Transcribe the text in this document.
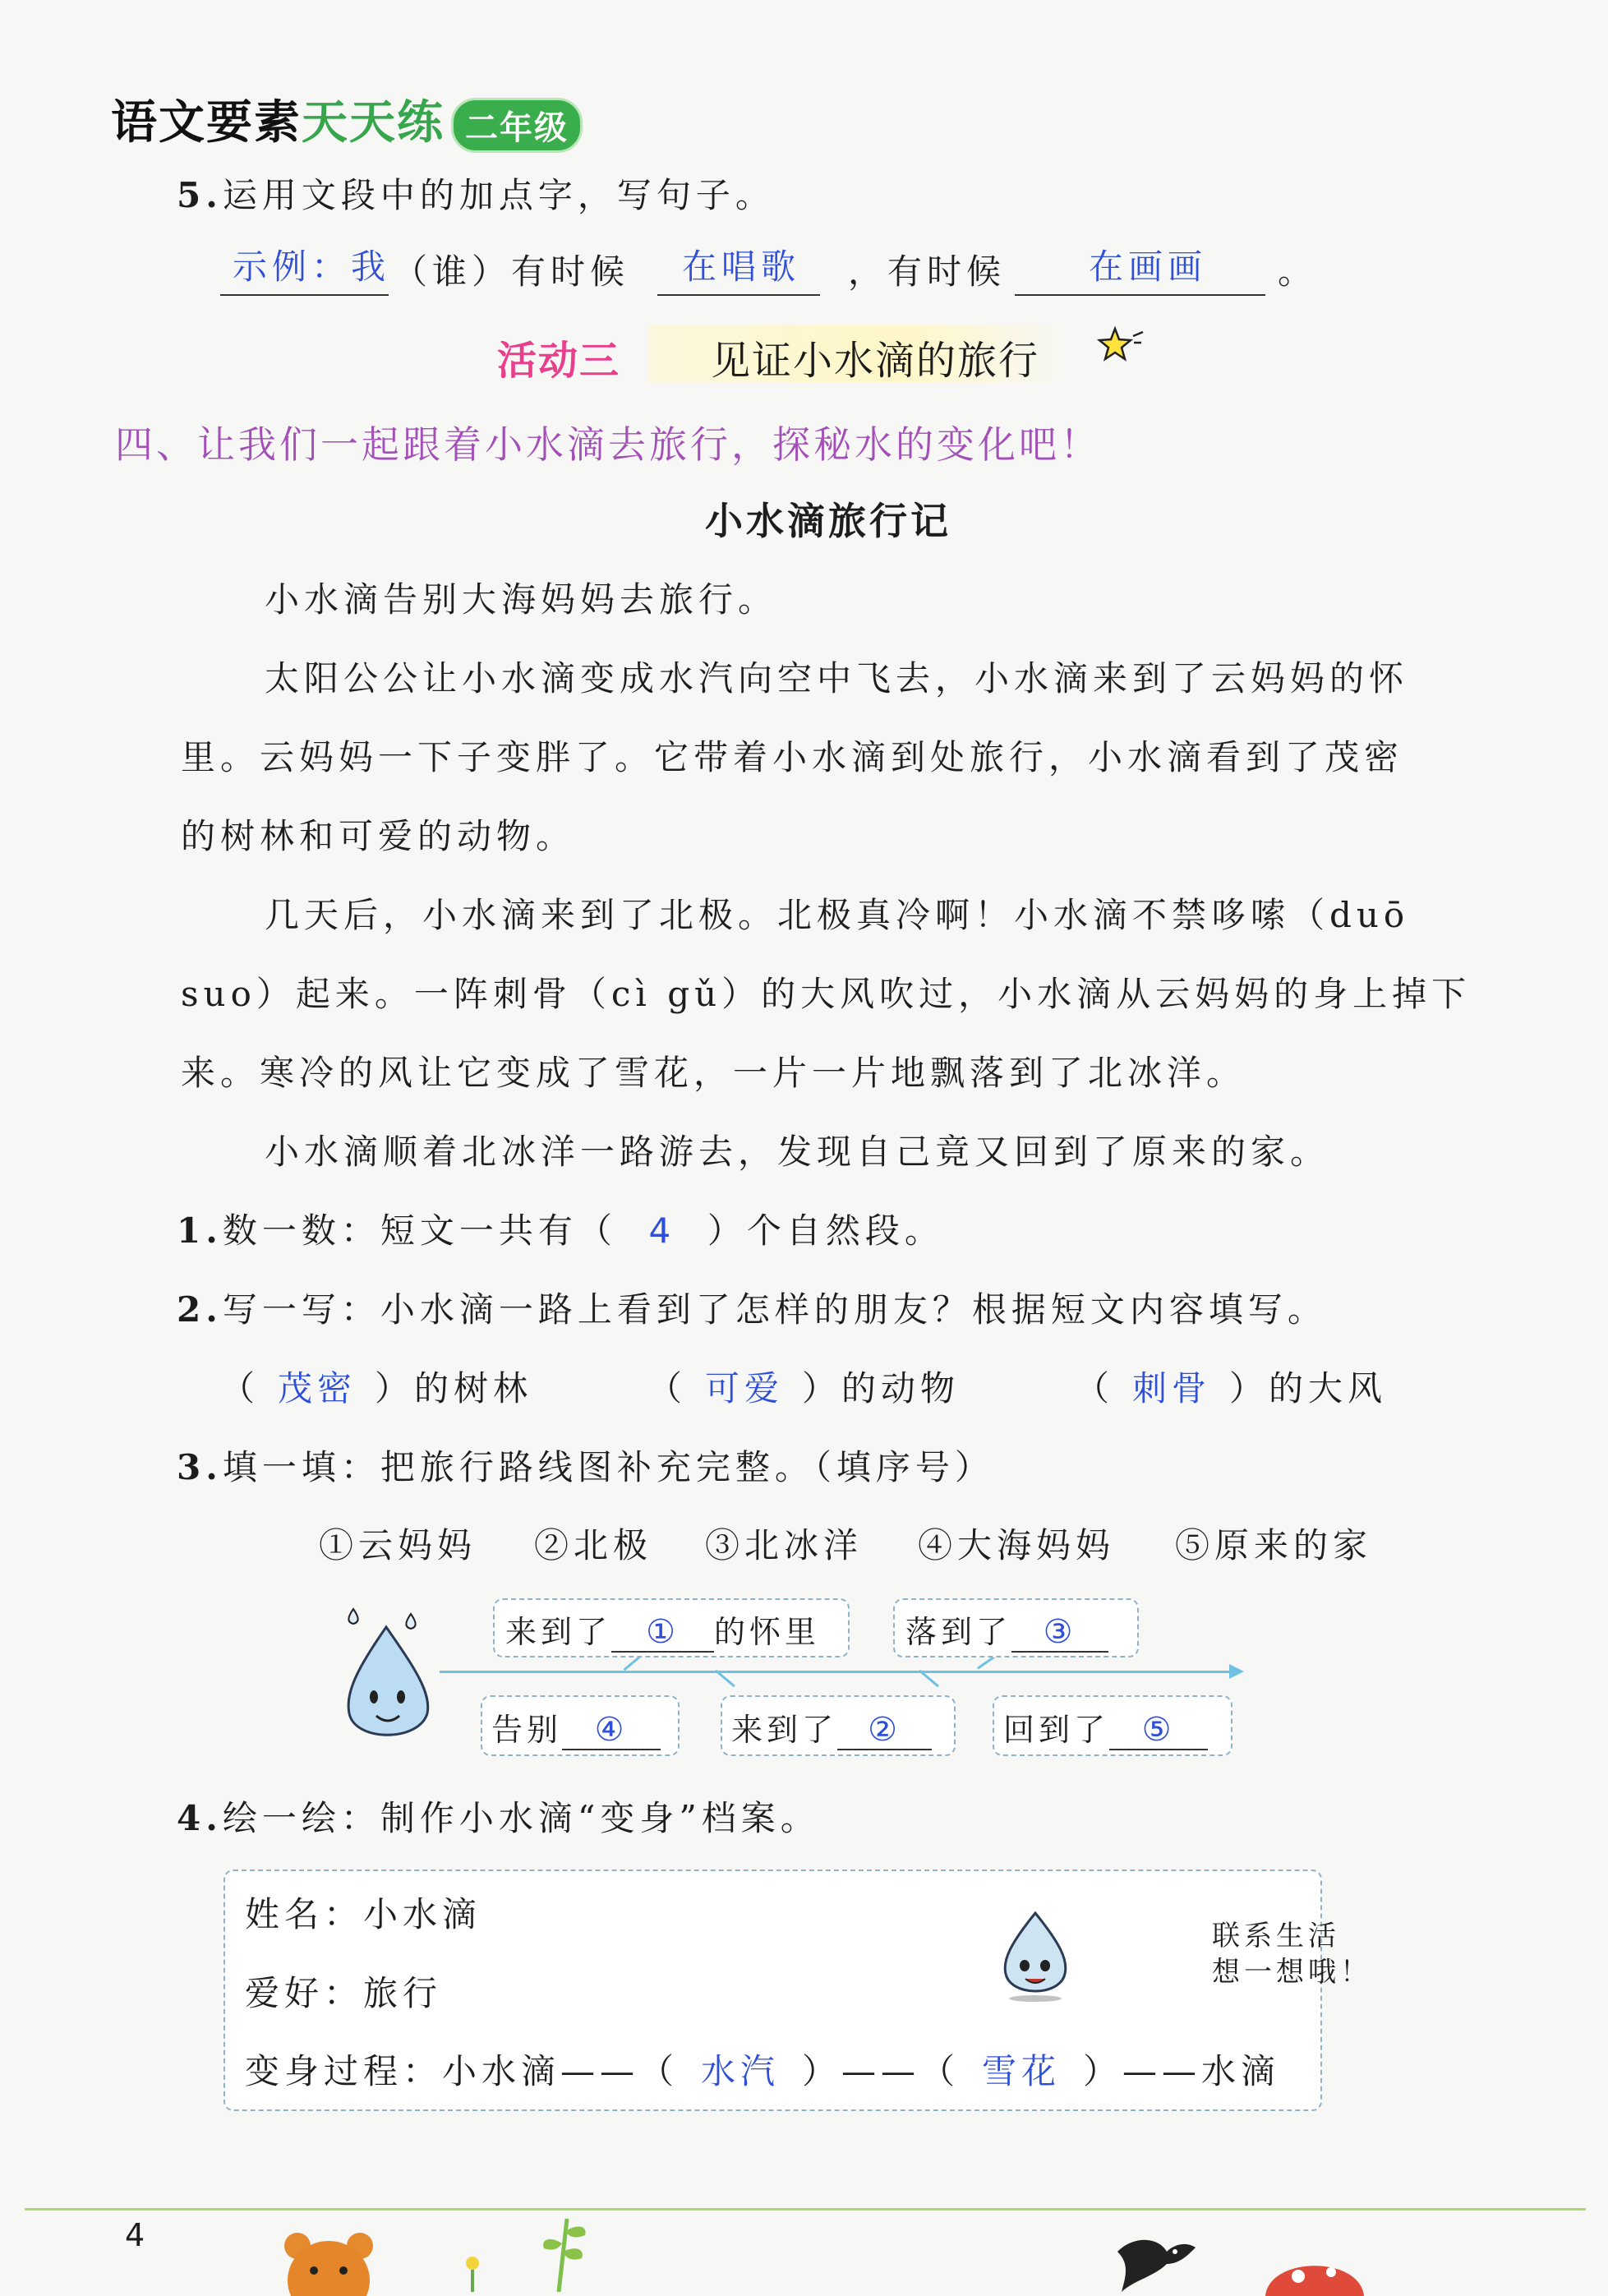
语文要素天天练 二年级
5.运用文段中的加点字，写句子。
示例：我 （谁）有时候 在唱歌 ，有时候 在画画 。
活动三 见证小水滴的旅行
四、让我们一起跟着小水滴去旅行，探秘水的变化吧！
小水滴旅行记
小水滴告别大海妈妈去旅行。
太阳公公让小水滴变成水汽向空中飞去，小水滴来到了云妈妈的怀
里。云妈妈一下子变胖了。它带着小水滴到处旅行，小水滴看到了茂密
的树林和可爱的动物。
几天后，小水滴来到了北极。北极真冷啊！小水滴不禁哆嗦（duō
suo）起来。一阵刺骨（cì gǔ）的大风吹过，小水滴从云妈妈的身上掉下
来。寒冷的风让它变成了雪花，一片一片地飘落到了北冰洋。
小水滴顺着北冰洋一路游去，发现自己竟又回到了原来的家。
1.数一数：短文一共有（ 4 ）个自然段。
2.写一写：小水滴一路上看到了怎样的朋友？根据短文内容填写。
（ 茂密 ）的树林	（ 可爱 ）的动物	（ 刺骨 ）的大风
3.填一填：把旅行路线图补充完整。（填序号）
①云妈妈 ②北极 ③北冰洋 ④大海妈妈 ⑤原来的家
来到了 ① 的怀里	落到了 ③
告别 ④	来到了 ②	回到了 ⑤
4.绘一绘：制作小水滴“变身”档案。
姓名：小水滴
爱好：旅行
变身过程：小水滴——（ 水汽 ）——（ 雪花 ）——水滴
联系生活
想一想哦！
4
